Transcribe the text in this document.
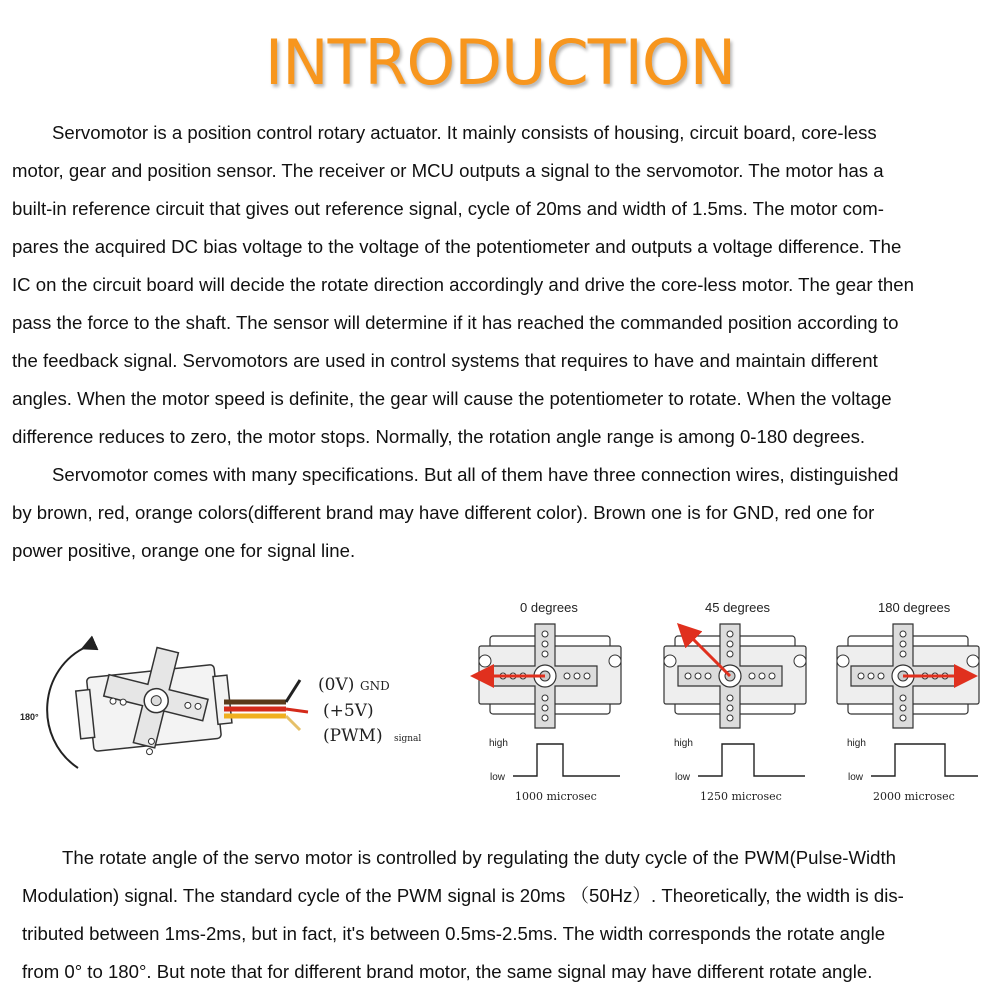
INTRODUCTION

Servomotor is a position control rotary actuator. It mainly consists of housing, circuit board, core-less
motor, gear and position sensor. The receiver or MCU outputs a signal to the servomotor. The motor has a
built-in reference circuit that gives out reference signal, cycle of 20ms and width of 1.5ms. The motor com-
pares the acquired DC bias voltage to the voltage of the potentiometer and outputs a voltage difference. The
IC on the circuit board will decide the rotate direction accordingly and drive the core-less motor. The gear then
pass the force to the shaft. The sensor will determine if it has reached the commanded position according to
the feedback signal. Servomotors are used in control systems that requires to have and maintain different
angles. When the motor speed is definite, the gear will cause the potentiometer to rotate. When the voltage
difference reduces to zero, the motor stops. Normally, the rotation angle range is among 0-180 degrees.

Servomotor comes with many specifications. But all of them have three connection wires, distinguished
by brown, red, orange colors(different brand may have different color). Brown one is for GND, red one for
power positive, orange one for signal line.

180°
(0V) GND
(+5V)
(PWM) signal
0 degrees
high
low
1000 microsec
45 degrees
high
low
1250 microsec
180 degrees
high
low
2000 microsec

The rotate angle of the servo motor is controlled by regulating the duty cycle of the PWM(Pulse-Width
Modulation) signal. The standard cycle of the PWM signal is 20ms （50Hz）. Theoretically, the width is dis-
tributed between 1ms-2ms, but in fact, it's between 0.5ms-2.5ms. The width corresponds the rotate angle
from 0° to 180°. But note that for different brand motor, the same signal may have different rotate angle.
